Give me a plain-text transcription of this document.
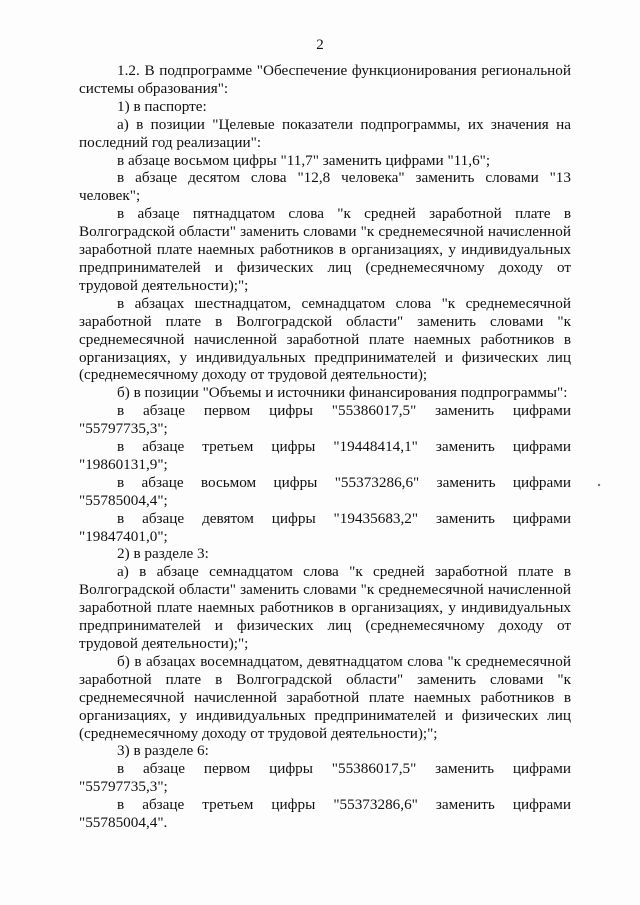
2

1.2. В подпрограмме "Обеспечение функционирования региональной системы образования":

1) в паспорте:

а) в позиции "Целевые показатели подпрограммы, их значения на последний год реализации":

в абзаце восьмом цифры "11,7" заменить цифрами "11,6";

в абзаце десятом слова "12,8 человека" заменить словами "13 человек";

в абзаце пятнадцатом слова "к средней заработной плате в Волгоградской области" заменить словами "к среднемесячной начисленной заработной плате наемных работников в организациях, у индивидуальных предпринимателей и физических лиц (среднемесячному доходу от трудовой деятельности);";

в абзацах шестнадцатом, семнадцатом слова "к среднемесячной заработной плате в Волгоградской области" заменить словами "к среднемесячной начисленной заработной плате наемных работников в организациях, у индивидуальных предпринимателей и физических лиц (среднемесячному доходу от трудовой деятельности);

б) в позиции "Объемы и источники финансирования подпрограммы":

в абзаце первом цифры "55386017,5" заменить цифрами "55797735,3";

в абзаце третьем цифры "19448414,1" заменить цифрами "19860131,9";

в абзаце восьмом цифры "55373286,6" заменить цифрами "55785004,4";

в абзаце девятом цифры "19435683,2" заменить цифрами "19847401,0";

2) в разделе 3:

а) в абзаце семнадцатом слова "к средней заработной плате в Волгоградской области" заменить словами "к среднемесячной начисленной заработной плате наемных работников в организациях, у индивидуальных предпринимателей и физических лиц (среднемесячному доходу от трудовой деятельности);";

б) в абзацах восемнадцатом, девятнадцатом слова "к среднемесячной заработной плате в Волгоградской области" заменить словами "к среднемесячной начисленной заработной плате наемных работников в организациях, у индивидуальных предпринимателей и физических лиц (среднемесячному доходу от трудовой деятельности);";

3) в разделе 6:

в абзаце первом цифры "55386017,5" заменить цифрами "55797735,3";

в абзаце третьем цифры "55373286,6" заменить цифрами "55785004,4".
